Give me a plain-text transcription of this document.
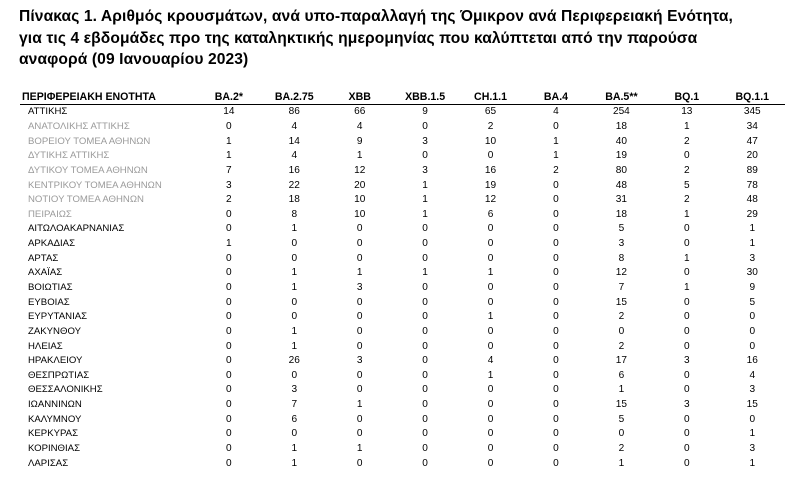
Πίνακας 1. Αριθμός κρουσμάτων, ανά υπο-παραλλαγή της Όμικρον ανά Περιφερειακή Ενότητα,
για τις 4 εβδομάδες προ της καταληκτικής ημερομηνίας που καλύπτεται από την παρούσα
αναφορά (09 Ιανουαρίου 2023)
ΠΕΡΙΦΕΡΕΙΑΚΗ ΕΝΟΤΗΤΑ	BA.2*	BA.2.75	XBB	XBB.1.5	CH.1.1	BA.4	BA.5**	BQ.1	BQ.1.1
ΑΤΤΙΚΗΣ	14	86	66	9	65	4	254	13	345
ΑΝΑΤΟΛΙΚΗΣ ΑΤΤΙΚΗΣ	0	4	4	0	2	0	18	1	34
ΒΟΡΕΙΟΥ ΤΟΜΕΑ ΑΘΗΝΩΝ	1	14	9	3	10	1	40	2	47
ΔΥΤΙΚΗΣ ΑΤΤΙΚΗΣ	1	4	1	0	0	1	19	0	20
ΔΥΤΙΚΟΥ ΤΟΜΕΑ ΑΘΗΝΩΝ	7	16	12	3	16	2	80	2	89
ΚΕΝΤΡΙΚΟΥ ΤΟΜΕΑ ΑΘΗΝΩΝ	3	22	20	1	19	0	48	5	78
ΝΟΤΙΟΥ ΤΟΜΕΑ ΑΘΗΝΩΝ	2	18	10	1	12	0	31	2	48
ΠΕΙΡΑΙΩΣ	0	8	10	1	6	0	18	1	29
ΑΙΤΩΛΟΑΚΑΡΝΑΝΙΑΣ	0	1	0	0	0	0	5	0	1
ΑΡΚΑΔΙΑΣ	1	0	0	0	0	0	3	0	1
ΑΡΤΑΣ	0	0	0	0	0	0	8	1	3
ΑΧΑΪΑΣ	0	1	1	1	1	0	12	0	30
ΒΟΙΩΤΙΑΣ	0	1	3	0	0	0	7	1	9
ΕΥΒΟΙΑΣ	0	0	0	0	0	0	15	0	5
ΕΥΡΥΤΑΝΙΑΣ	0	0	0	0	1	0	2	0	0
ΖΑΚΥΝΘΟΥ	0	1	0	0	0	0	0	0	0
ΗΛΕΙΑΣ	0	1	0	0	0	0	2	0	0
ΗΡΑΚΛΕΙΟΥ	0	26	3	0	4	0	17	3	16
ΘΕΣΠΡΩΤΙΑΣ	0	0	0	0	1	0	6	0	4
ΘΕΣΣΑΛΟΝΙΚΗΣ	0	3	0	0	0	0	1	0	3
ΙΩΑΝΝΙΝΩΝ	0	7	1	0	0	0	15	3	15
ΚΑΛΥΜΝΟΥ	0	6	0	0	0	0	5	0	0
ΚΕΡΚΥΡΑΣ	0	0	0	0	0	0	0	0	1
ΚΟΡΙΝΘΙΑΣ	0	1	1	0	0	0	2	0	3
ΛΑΡΙΣΑΣ	0	1	0	0	0	0	1	0	1
